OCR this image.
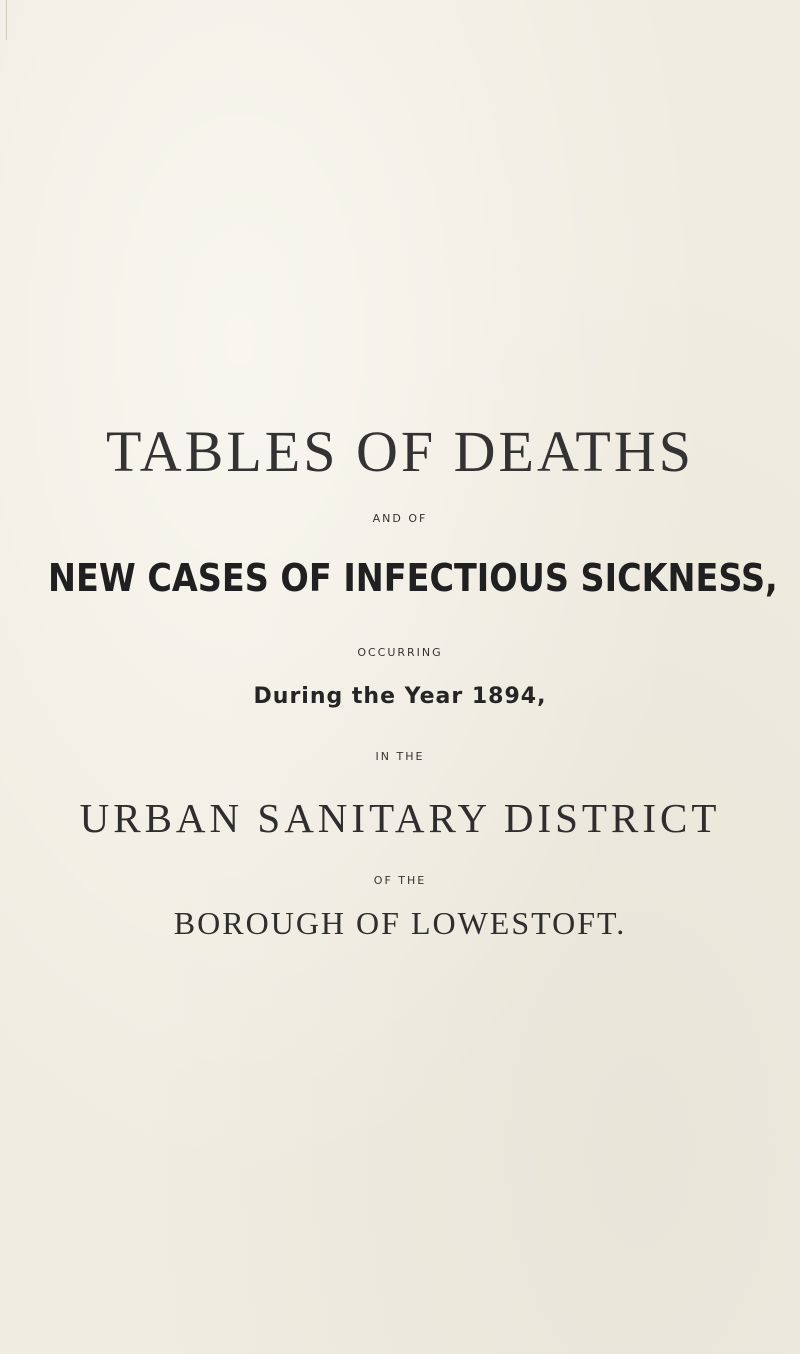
TABLES OF DEATHS
AND OF
NEW CASES OF INFECTIOUS SICKNESS,
OCCURRING
During the Year 1894,
IN THE
URBAN SANITARY DISTRICT
OF THE
BOROUGH OF LOWESTOFT.
